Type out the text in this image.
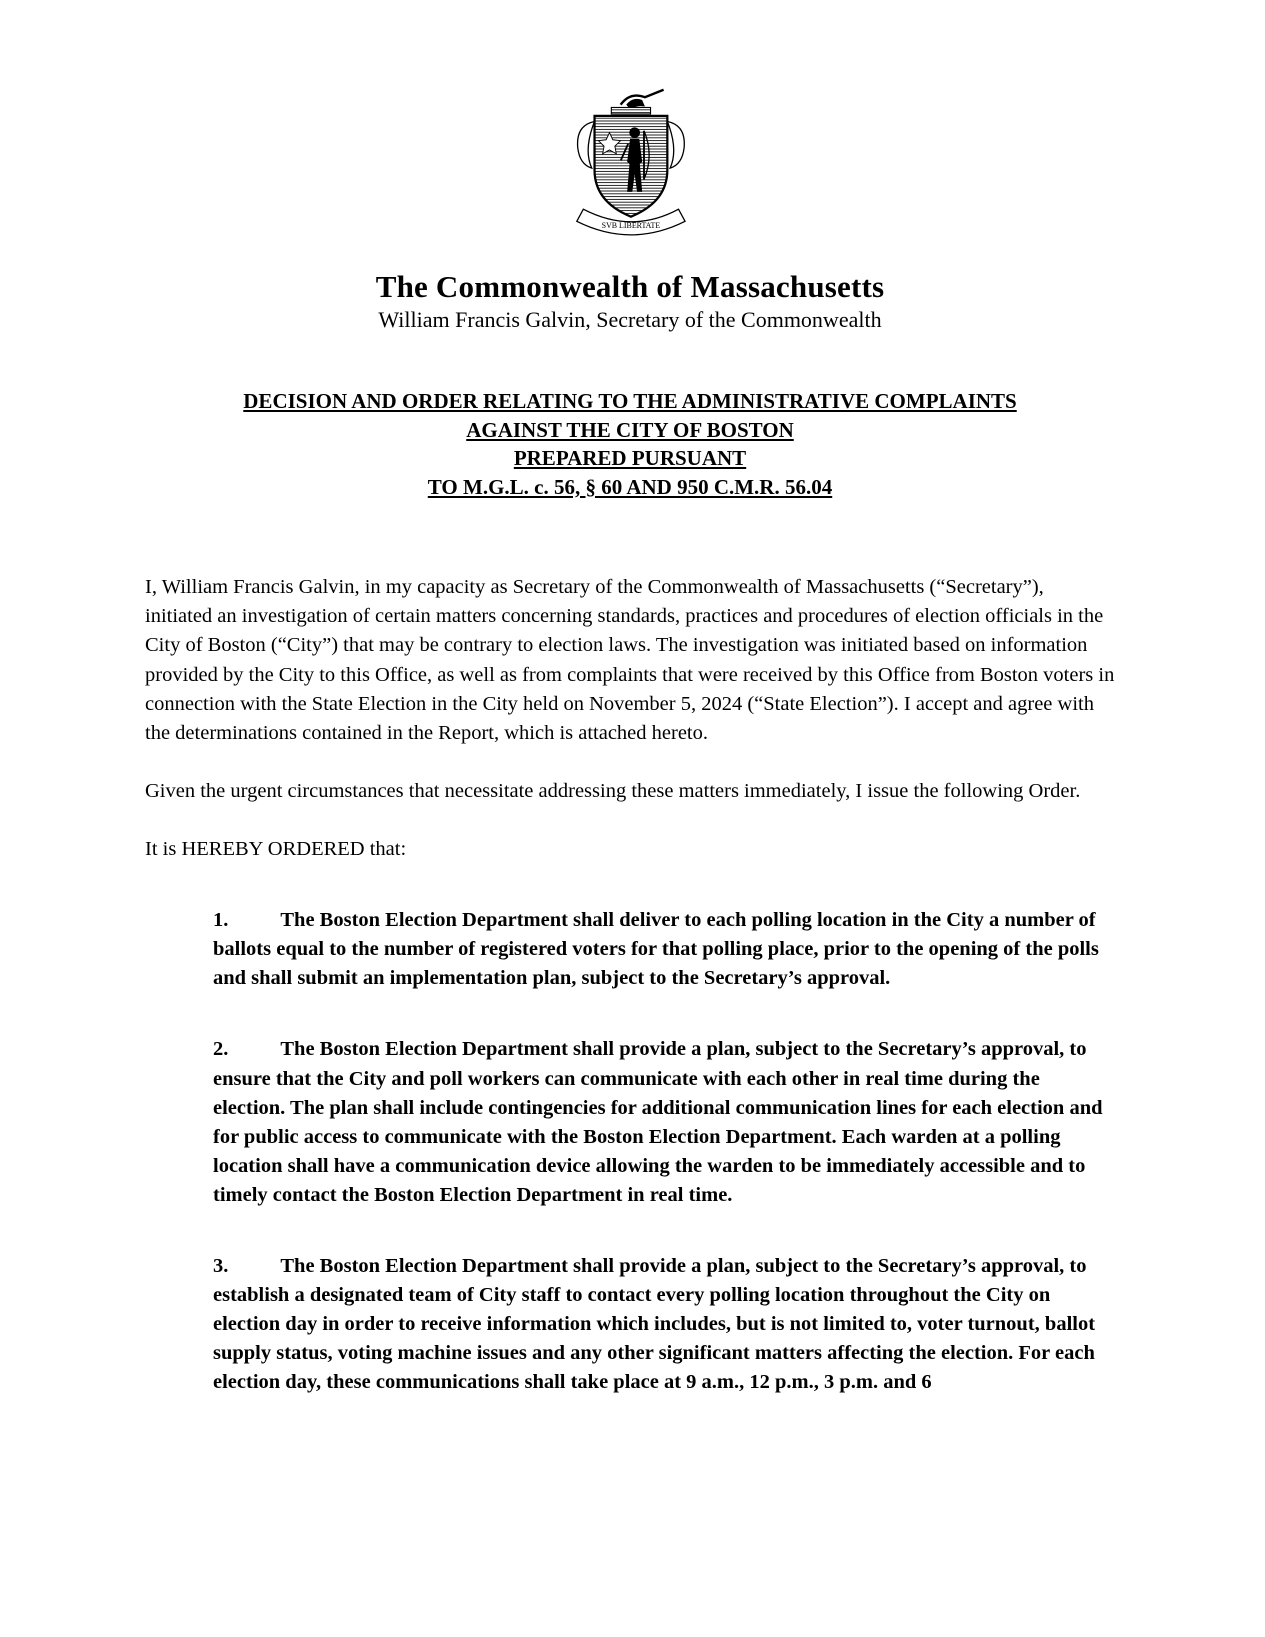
SVB LIBERTATE
The Commonwealth of Massachusetts
William Francis Galvin, Secretary of the Commonwealth
DECISION AND ORDER RELATING TO THE ADMINISTRATIVE COMPLAINTS
AGAINST THE CITY OF BOSTON
PREPARED PURSUANT
TO M.G.L. c. 56, § 60 AND 950 C.M.R. 56.04

I, William Francis Galvin, in my capacity as Secretary of the Commonwealth of Massachusetts (“Secretary”), initiated an investigation of certain matters concerning standards, practices and procedures of election officials in the City of Boston (“City”) that may be contrary to election laws. The investigation was initiated based on information provided by the City to this Office, as well as from complaints that were received by this Office from Boston voters in connection with the State Election in the City held on November 5, 2024 (“State Election”). I accept and agree with the determinations contained in the Report, which is attached hereto.

Given the urgent circumstances that necessitate addressing these matters immediately, I issue the following Order.

It is HEREBY ORDERED that:

1.	The Boston Election Department shall deliver to each polling location in the City a number of ballots equal to the number of registered voters for that polling place, prior to the opening of the polls and shall submit an implementation plan, subject to the Secretary’s approval.

2.	The Boston Election Department shall provide a plan, subject to the Secretary’s approval, to ensure that the City and poll workers can communicate with each other in real time during the election. The plan shall include contingencies for additional communication lines for each election and for public access to communicate with the Boston Election Department. Each warden at a polling location shall have a communication device allowing the warden to be immediately accessible and to timely contact the Boston Election Department in real time.

3.	The Boston Election Department shall provide a plan, subject to the Secretary’s approval, to establish a designated team of City staff to contact every polling location throughout the City on election day in order to receive information which includes, but is not limited to, voter turnout, ballot supply status, voting machine issues and any other significant matters affecting the election. For each election day, these communications shall take place at 9 a.m., 12 p.m., 3 p.m. and 6
